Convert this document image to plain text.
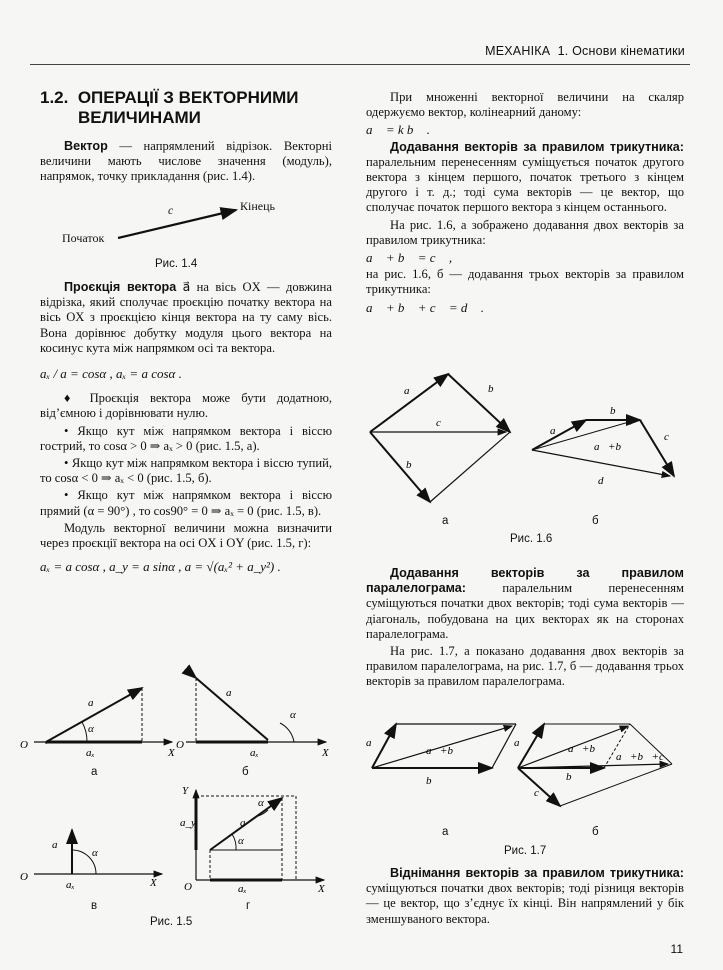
МЕХАНІКА 1. Основи кінематики
1.2. ОПЕРАЦІЇ З ВЕКТОРНИМИ
ВЕЛИЧИНАМИ

Вектор — напрямлений відрізок. Векторні величини мають числове значення (модуль), напрямок, точку прикладання (рис. 1.4).

Початок
Кінець
c⃗
Рис. 1.4

Проєкція вектора a⃗ на вісь OX — довжина відрізка, який сполучає проєкцію початку вектора на вісь OX з проєкцією кінця вектора на ту саму вісь. Вона дорівнює добутку модуля цього вектора на косинус кута між напрямком осі та вектора.

aₓ / a = cosα , aₓ = a cosα .

♦ Проєкція вектора може бути додатною, від’ємною і дорівнювати нулю.

• Якщо кут між напрямком вектора і віссю гострий, то cosα > 0 ⇒ aₓ > 0 (рис. 1.5, а).

• Якщо кут між напрямком вектора і віссю тупий, то cosα < 0 ⇒ aₓ < 0 (рис. 1.5, б).

• Якщо кут між напрямком вектора і віссю прямий (α = 90°) , то cos90° = 0 ⇒ aₓ = 0 (рис. 1.5, в).

Модуль векторної величини можна визначити через проєкції вектора на осі OX і OY (рис. 1.5, г):

aₓ = a cosα , a_y = a sinα , a = √(aₓ² + a_y²) .

α
a⃗
aₓ
O
X
а
α
a⃗
aₓ
O
X
б
α
a⃗
aₓ
O	X
в
α
α
a⃗
aₓ
a_y
O	X
Y
г
Рис. 1.5

При множенні векторної величини на скаляр одержуємо вектор, колінеарний даному:

a⃗ = k b⃗ .

Додавання векторів за правилом трикутника: паралельним перенесенням суміщується початок другого вектора з кінцем першого, початок третього з кінцем другого і т. д.; тоді сума векторів — це вектор, що сполучає початок першого вектора з кінцем останнього.

На рис. 1.6, а зображено додавання двох векторів за правилом трикутника:

a⃗ + b⃗ = c⃗ ,

на рис. 1.6, б — додавання трьох векторів за правилом трикутника:

a⃗ + b⃗ + c⃗ = d⃗ .

a⃗	b⃗
c⃗
b⃗
а
a⃗
b⃗
c⃗
a⃗+b⃗
d⃗
б
Рис. 1.6

Додавання векторів за правилом паралелограма: паралельним перенесенням суміщуються початки двох векторів; тоді сума векторів — діагональ, побудована на цих векторах як на сторонах паралелограма.

На рис. 1.7, а показано додавання двох векторів за правилом паралелограма, на рис. 1.7, б — додавання трьох векторів за правилом паралелограма.

a⃗
b⃗
a⃗+b⃗
а
a⃗
b⃗
c⃗
a⃗+b⃗
a⃗+b⃗+c⃗
б
Рис. 1.7

Віднімання векторів за правилом трикутника: суміщуються початки двох векторів; тоді різниця векторів — це вектор, що з’єднує їх кінці. Він напрямлений у бік зменшуваного вектора.

11
